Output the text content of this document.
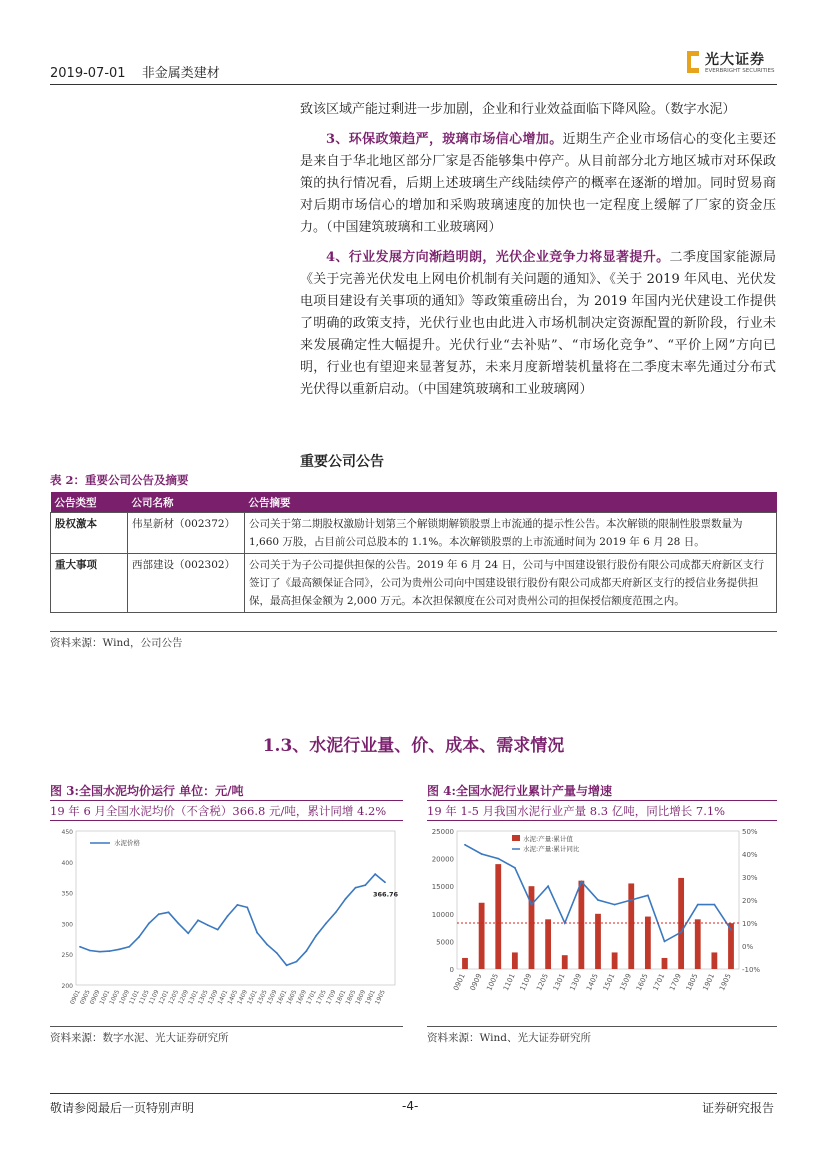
2019-07-01 非金属类建材
光大证券
EVERBRIGHT SECURITIES

致该区域产能过剩进一步加剧，企业和行业效益面临下降风险。（数字水泥）

3、环保政策趋严，玻璃市场信心增加。近期生产企业市场信心的变化主要还是来自于华北地区部分厂家是否能够集中停产。从目前部分北方地区城市对环保政策的执行情况看，后期上述玻璃生产线陆续停产的概率在逐渐的增加。同时贸易商对后期市场信心的增加和采购玻璃速度的加快也一定程度上缓解了厂家的资金压力。（中国建筑玻璃和工业玻璃网）

4、行业发展方向渐趋明朗，光伏企业竞争力将显著提升。二季度国家能源局《关于完善光伏发电上网电价机制有关问题的通知》、《关于 2019 年风电、光伏发电项目建设有关事项的通知》等政策重磅出台，为 2019 年国内光伏建设工作提供了明确的政策支持，光伏行业也由此进入市场机制决定资源配置的新阶段，行业未来发展确定性大幅提升。光伏行业“去补贴”、“市场化竞争”、“平价上网”方向已明，行业也有望迎来显著复苏，未来月度新增装机量将在二季度末率先通过分布式光伏得以重新启动。（中国建筑玻璃和工业玻璃网）

重要公司公告
表 2：重要公司公告及摘要
公告类型	公司名称	公告摘要
股权激本	伟星新材（002372）	公司关于第二期股权激励计划第三个解锁期解锁股票上市流通的提示性公告。本次解锁的限制性股票数量为 1,660 万股，占目前公司总股本的 1.1%。本次解锁股票的上市流通时间为 2019 年 6 月 28 日。
重大事项	西部建设（002302）	公司关于为子公司提供担保的公告。2019 年 6 月 24 日，公司与中国建设银行股份有限公司成都天府新区支行签订了《最高额保证合同》，公司为贵州公司向中国建设银行股份有限公司成都天府新区支行的授信业务提供担保，最高担保金额为 2,000 万元。本次担保额度在公司对贵州公司的担保授信额度范围之内。
资料来源：Wind，公司公告
1.3、水泥行业量、价、成本、需求情况
图 3:全国水泥均价运行 单位：元/吨
19 年 6 月全国水泥均价（不含税）366.8 元/吨，累计同增 4.2%
450
400
350
300
250
200
0901
0905
0909
1001
1005
1009
1101
1105
1109
1201
1205
1209
1301
1305
1309
1401
1405
1409
1501
1505
1509
1601
1605
1609
1701
1705
1709
1801
1805
1809
1901
1905
水泥价格
366.76
资料来源：数字水泥、光大证券研究所
图 4:全国水泥行业累计产量与增速
19 年 1-5 月我国水泥行业产量 8.3 亿吨，同比增长 7.1%
25000
20000
15000
10000
5000
0
50%
40%
30%
20%
10%
0%
-10%
0901 0909 1005 1101 1109 1205 1301 1309 1405 1501 1509 1605 1701 1709 1805 1901 1905
水泥:产量:累计值
水泥:产量:累计同比
资料来源：Wind、光大证券研究所
敬请参阅最后一页特别声明	-4-	证券研究报告
